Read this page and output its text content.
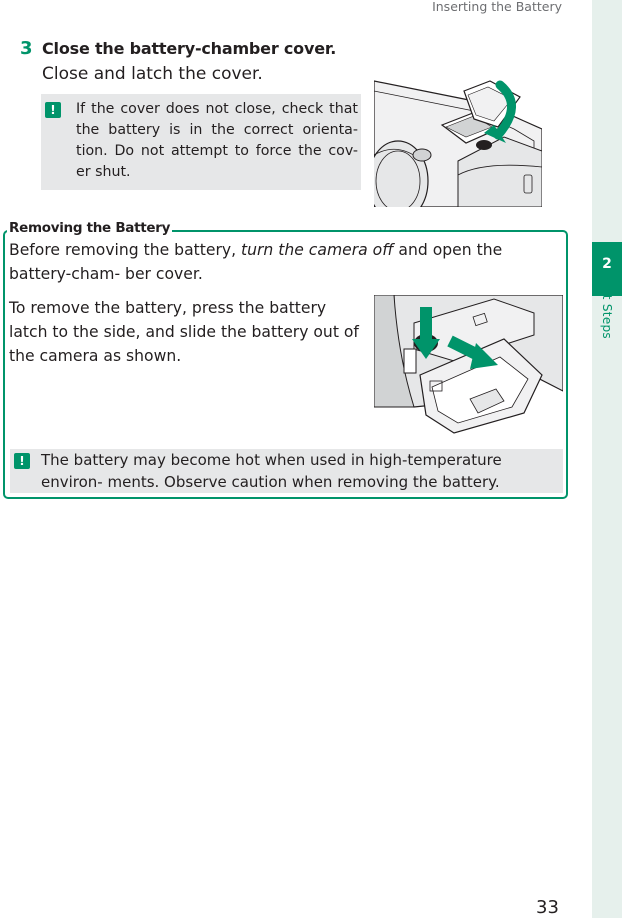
Inserting the Battery
2
First Steps
3 Close the battery-chamber cover.
Close and latch the cover.
!	If the cover does not close, check that the battery is in the correct orienta- tion. Do not attempt to force the cov- er shut.
Removing the Battery
Before removing the battery, turn the camera off and open the battery-cham- ber cover.
To remove the battery, press the battery latch to the side, and slide the battery out of the camera as shown.
!	The battery may become hot when used in high-temperature environ- ments. Observe caution when removing the battery.
33
